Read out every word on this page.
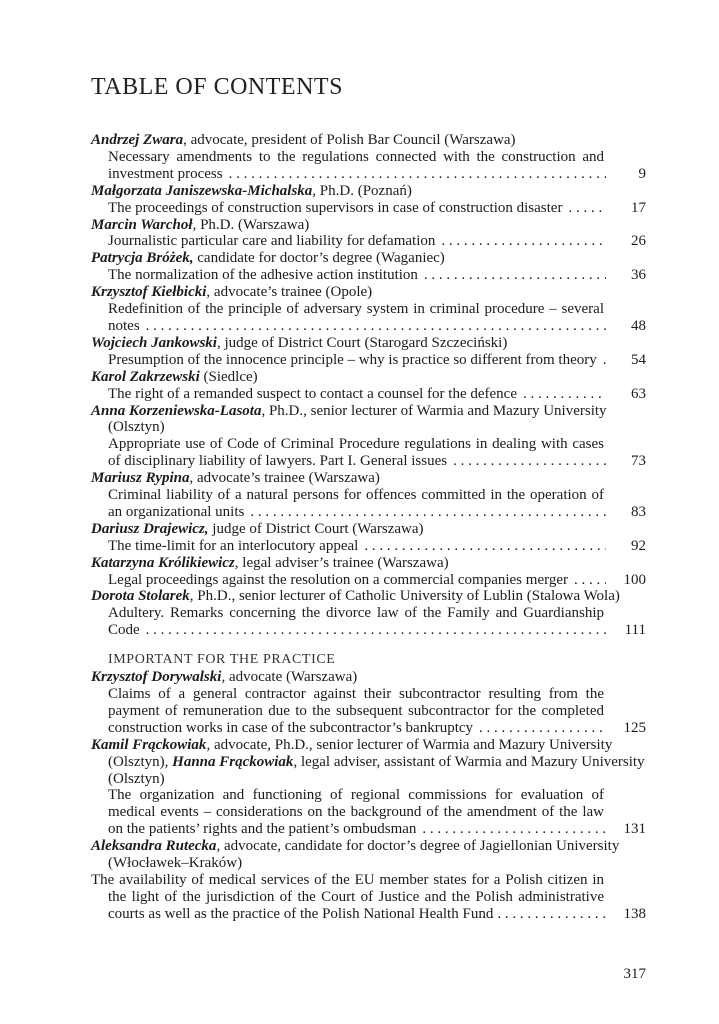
TABLE OF CONTENTS

Andrzej Zwara, advocate, president of Polish Bar Council (Warszawa)

Necessary amendments to the regulations connected with the construction and investment process . . .	9

Małgorzata Janiszewska-Michalska, Ph.D. (Poznań)

The proceedings of construction supervisors in case of construction disaster . . .	17

Marcin Warchoł, Ph.D. (Warszawa)

Journalistic particular care and liability for defamation . . .	26

Patrycja Bróżek, candidate for doctor’s degree (Waganiec)

The normalization of the adhesive action institution . . .	36

Krzysztof Kiełbicki, advocate’s trainee (Opole)

Redefinition of the principle of adversary system in criminal procedure – several notes . . .	48

Wojciech Jankowski, judge of District Court (Starogard Szczeciński)

Presumption of the innocence principle – why is practice so different from theory . . .	54

Karol Zakrzewski (Siedlce)

The right of a remanded suspect to contact a counsel for the defence . . .	63

Anna Korzeniewska-Lasota, Ph.D., senior lecturer of Warmia and Mazury University (Olsztyn)

Appropriate use of Code of Criminal Procedure regulations in dealing with cases of disciplinary liability of lawyers. Part I. General issues . . .	73

Mariusz Rypina, advocate’s trainee (Warszawa)

Criminal liability of a natural persons for offences committed in the operation of an organizational units . . .	83

Dariusz Drajewicz, judge of District Court (Warszawa)

The time-limit for an interlocutory appeal . . .	92

Katarzyna Królikiewicz, legal adviser’s trainee (Warszawa)

Legal proceedings against the resolution on a commercial companies merger . . .	100

Dorota Stolarek, Ph.D., senior lecturer of Catholic University of Lublin (Stalowa Wola)

Adultery. Remarks concerning the divorce law of the Family and Guardianship Code . . .	111
IMPORTANT FOR THE PRACTICE

Krzysztof Dorywalski, advocate (Warszawa)

Claims of a general contractor against their subcontractor resulting from the payment of remuneration due to the subsequent subcontractor for the completed construction works in case of the subcontractor’s bankruptcy . . .	125

Kamil Frąckowiak, advocate, Ph.D., senior lecturer of Warmia and Mazury University (Olsztyn), Hanna Frąckowiak, legal adviser, assistant of Warmia and Mazury University (Olsztyn)

The organization and functioning of regional commissions for evaluation of medical events – considerations on the background of the amendment of the law on the patients’ rights and the patient’s ombudsman . . .	131

Aleksandra Rutecka, advocate, candidate for doctor’s degree of Jagiellonian University (Włocławek–Kraków)

The availability of medical services of the EU member states for a Polish citizen in the light of the jurisdiction of the Court of Justice and the Polish administrative courts as well as the practice of the Polish National Health Fund . . .	138
317
